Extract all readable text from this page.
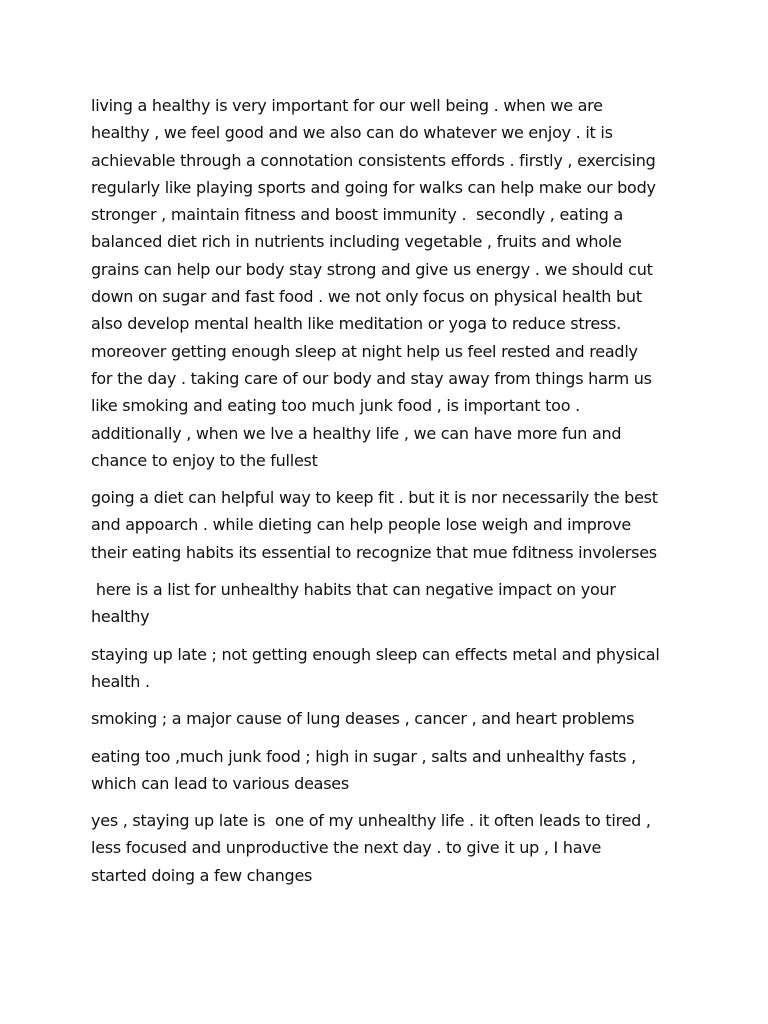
living a healthy is very important for our well being . when we are
healthy , we feel good and we also can do whatever we enjoy . it is
achievable through a connotation consistents effords . firstly , exercising
regularly like playing sports and going for walks can help make our body
stronger , maintain fitness and boost immunity .  secondly , eating a
balanced diet rich in nutrients including vegetable , fruits and whole
grains can help our body stay strong and give us energy . we should cut
down on sugar and fast food . we not only focus on physical health but
also develop mental health like meditation or yoga to reduce stress.
moreover getting enough sleep at night help us feel rested and readly
for the day . taking care of our body and stay away from things harm us
like smoking and eating too much junk food , is important too .
additionally , when we lve a healthy life , we can have more fun and
chance to enjoy to the fullest

going a diet can helpful way to keep fit . but it is nor necessarily the best
and appoarch . while dieting can help people lose weigh and improve
their eating habits its essential to recognize that mue fditness involerses

here is a list for unhealthy habits that can negative impact on your
healthy

staying up late ; not getting enough sleep can effects metal and physical
health .

smoking ; a major cause of lung deases , cancer , and heart problems

eating too ,much junk food ; high in sugar , salts and unhealthy fasts ,
which can lead to various deases

yes , staying up late is  one of my unhealthy life . it often leads to tired ,
less focused and unproductive the next day . to give it up , I have
started doing a few changes
